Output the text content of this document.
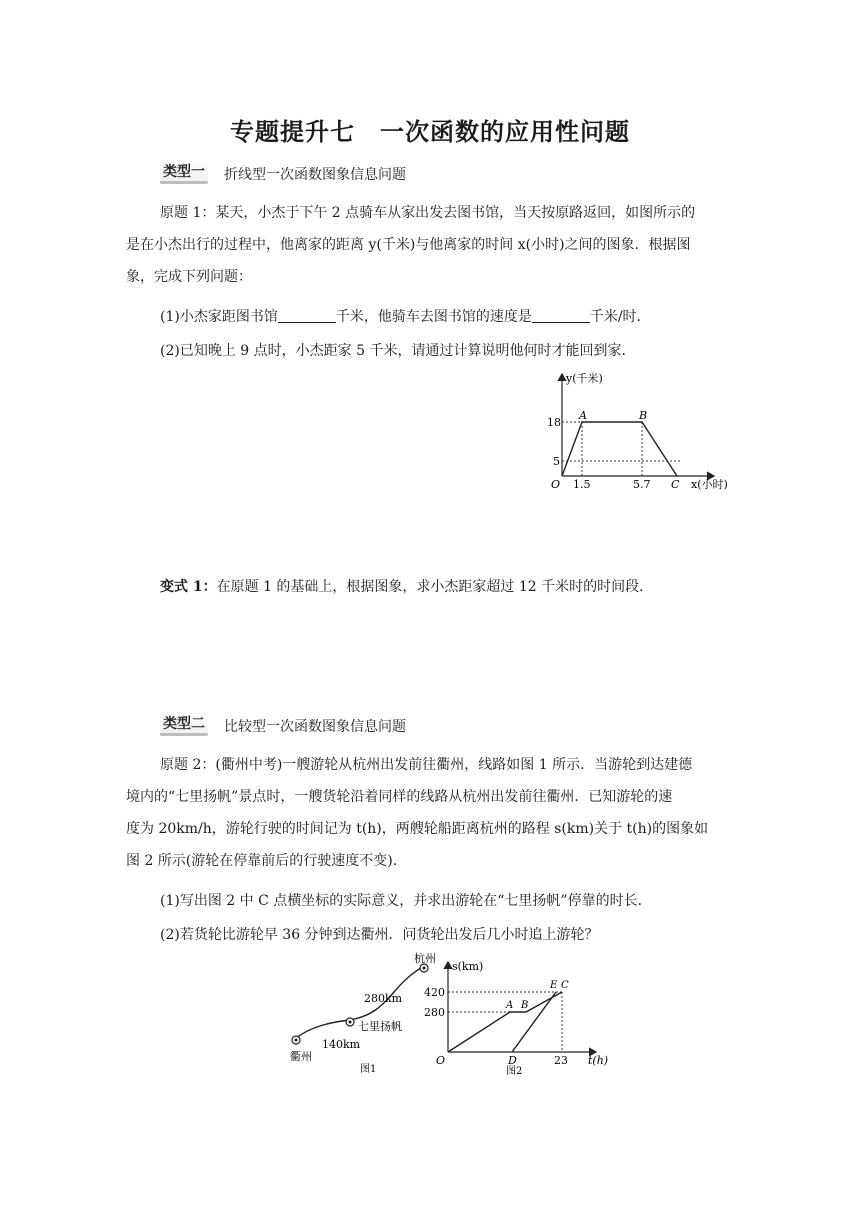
专题提升七　一次函数的应用性问题
类型一 折线型一次函数图象信息问题
原题 1：某天，小杰于下午 2 点骑车从家出发去图书馆，当天按原路返回，如图所示的
是在小杰出行的过程中，他离家的距离 y(千米)与他离家的时间 x(小时)之间的图象．根据图
象，完成下列问题：
(1)小杰家距图书馆	千米，他骑车去图书馆的速度是	千米/时．
(2)已知晚上 9 点时，小杰距家 5 千米，请通过计算说明他何时才能回到家．
y(千米)
x(小时)
O
18
5
1.5	5.7
A	B
C
变式 1：在原题 1 的基础上，根据图象，求小杰距家超过 12 千米时的时间段．
类型二 比较型一次函数图象信息问题
原题 2：(衢州中考)一艘游轮从杭州出发前往衢州，线路如图 1 所示．当游轮到达建德
境内的“七里扬帆”景点时，一艘货轮沿着同样的线路从杭州出发前往衢州．已知游轮的速
度为 20km/h，游轮行驶的时间记为 t(h)，两艘轮船距离杭州的路程 s(km)关于 t(h)的图象如
图 2 所示(游轮在停靠前后的行驶速度不变).
(1)写出图 2 中 C 点横坐标的实际意义，并求出游轮在“七里扬帆”停靠的时长．
(2)若货轮比游轮早 36 分钟到达衢州．问货轮出发后几小时追上游轮？
杭州
衢州
七里扬帆
280km
140km
图1
s(km)
t(h)
O
420
280
D	23
A B
E C
图2
